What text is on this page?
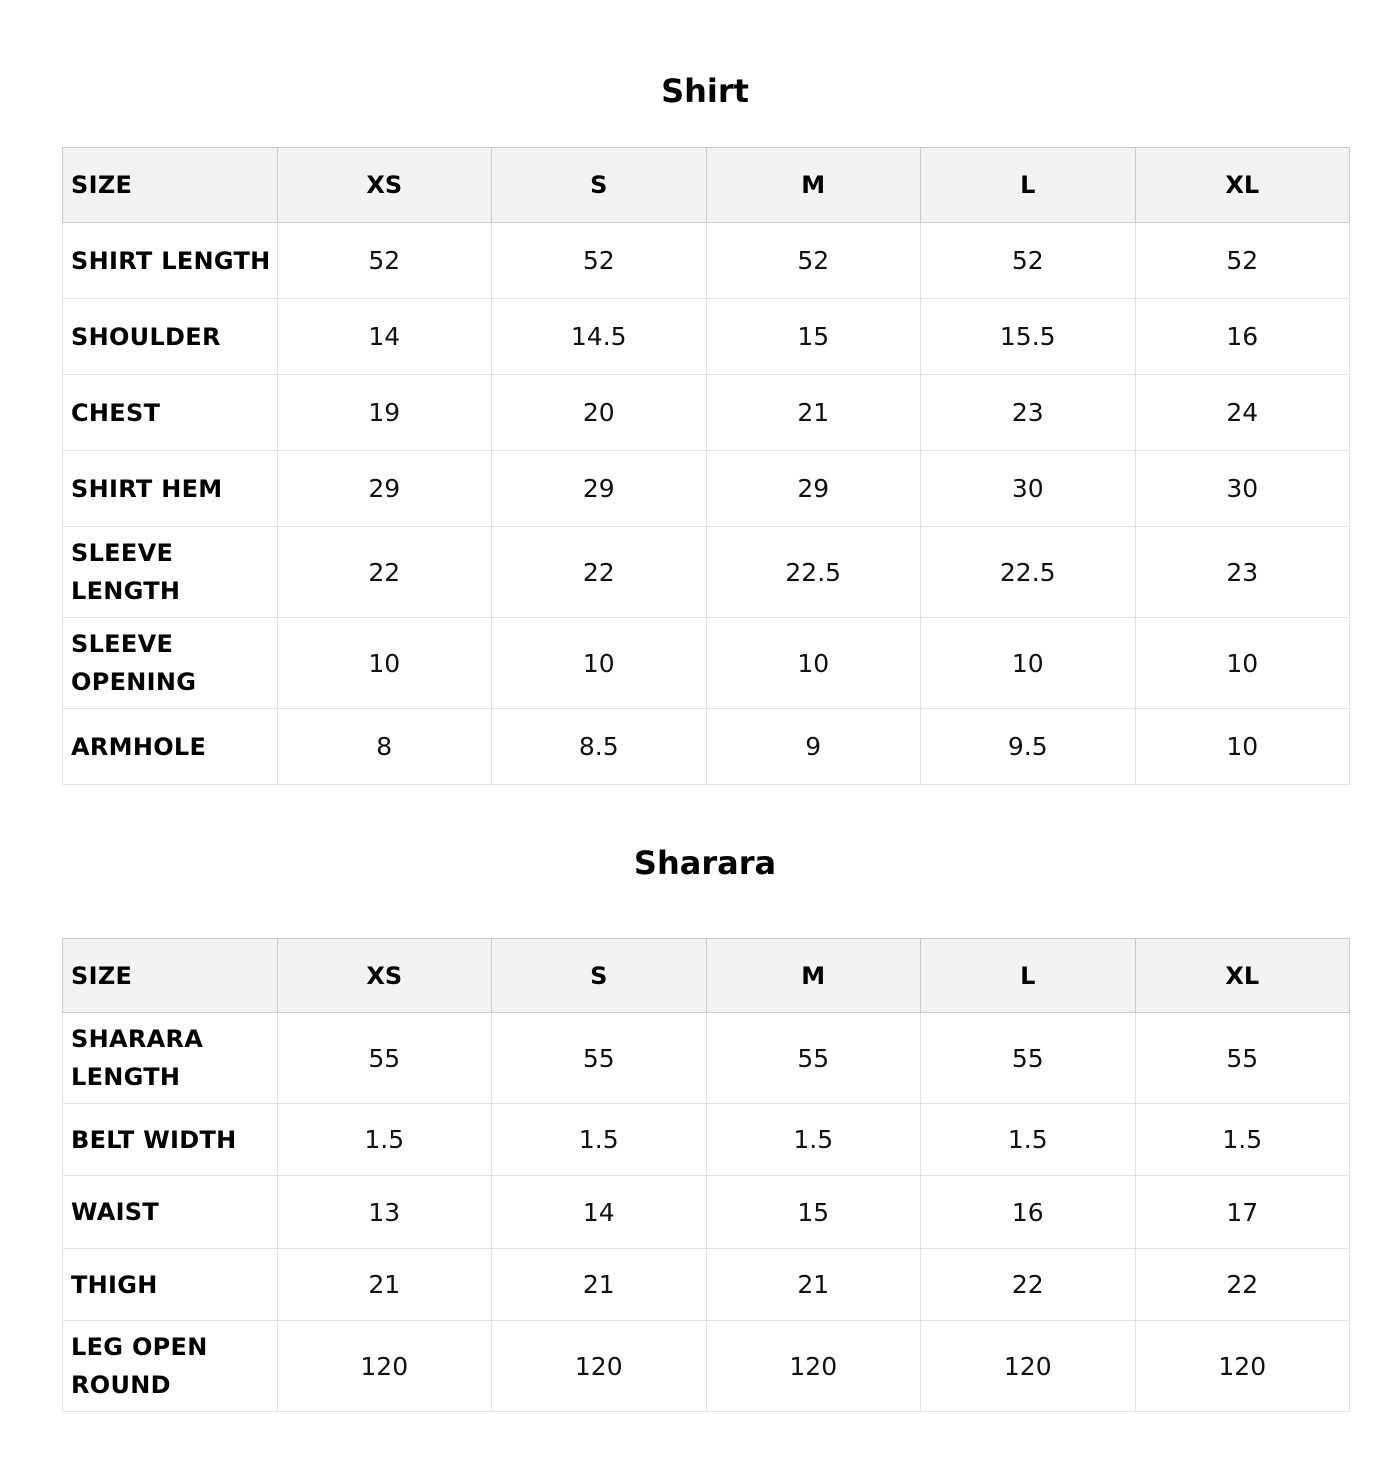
Shirt
SIZE	XS	S	M	L	XL
SHIRT LENGTH	52	52	52	52	52
SHOULDER	14	14.5	15	15.5	16
CHEST	19	20	21	23	24
SHIRT HEM	29	29	29	30	30
SLEEVE LENGTH	22	22	22.5	22.5	23
SLEEVE OPENING	10	10	10	10	10
ARMHOLE	8	8.5	9	9.5	10
Sharara
SIZE	XS	S	M	L	XL
SHARARA LENGTH	55	55	55	55	55
BELT WIDTH	1.5	1.5	1.5	1.5	1.5
WAIST	13	14	15	16	17
THIGH	21	21	21	22	22
LEG OPEN ROUND	120	120	120	120	120
